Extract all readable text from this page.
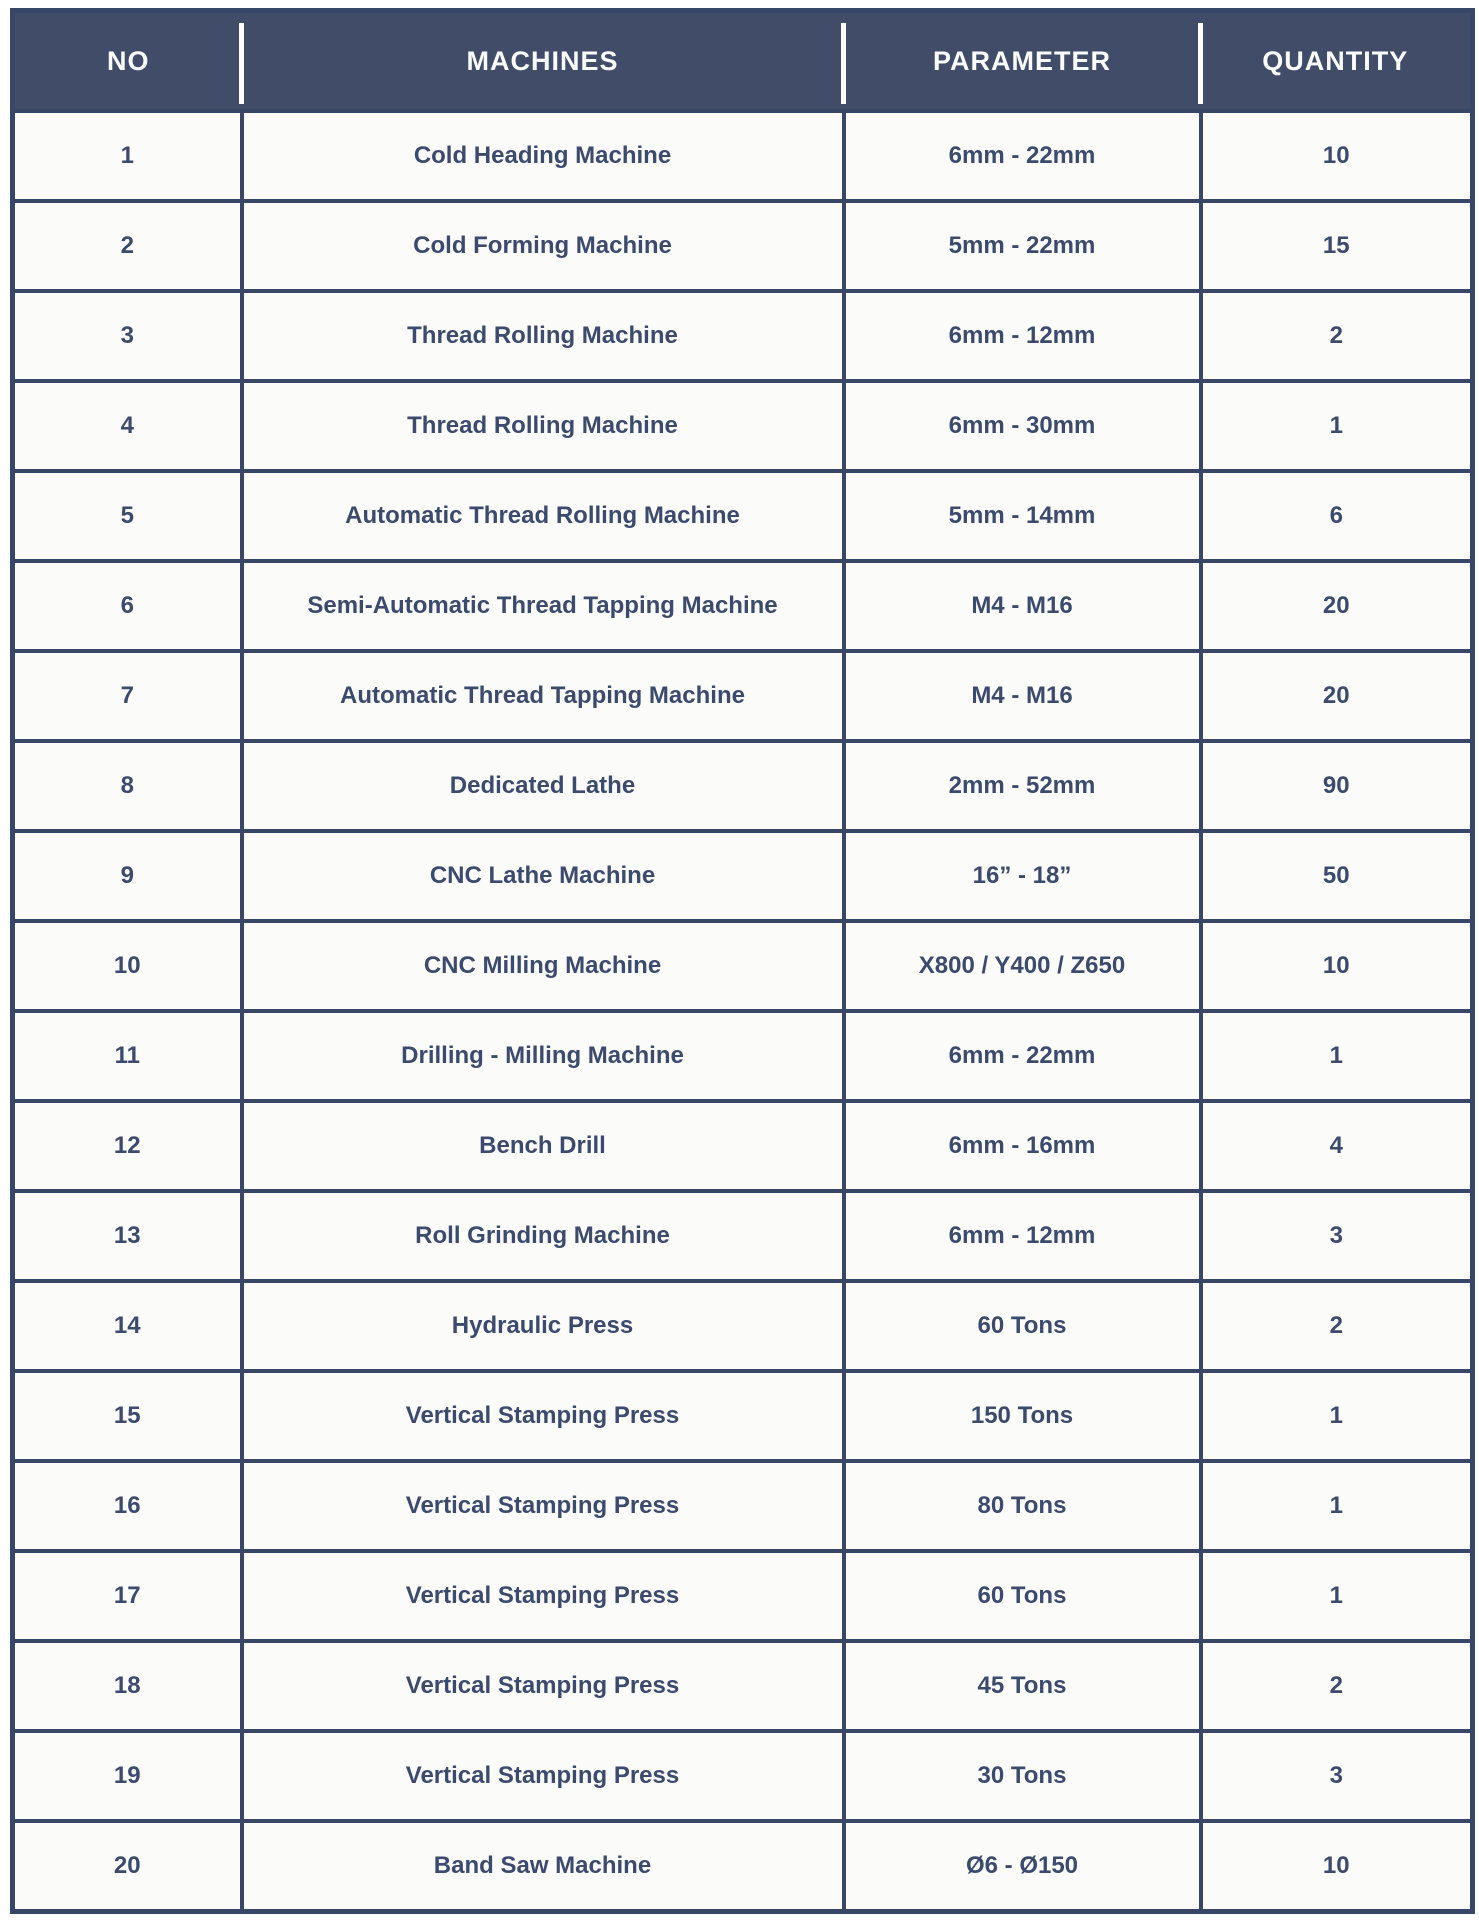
NO	MACHINES	PARAMETER	QUANTITY
1	Cold Heading Machine	6mm - 22mm	10
2	Cold Forming Machine	5mm - 22mm	15
3	Thread Rolling Machine	6mm - 12mm	2
4	Thread Rolling Machine	6mm - 30mm	1
5	Automatic Thread Rolling Machine	5mm - 14mm	6
6	Semi-Automatic Thread Tapping Machine	M4 - M16	20
7	Automatic Thread Tapping Machine	M4 - M16	20
8	Dedicated Lathe	2mm - 52mm	90
9	CNC Lathe Machine	16” - 18”	50
10	CNC Milling Machine	X800 / Y400 / Z650	10
11	Drilling - Milling Machine	6mm - 22mm	1
12	Bench Drill	6mm - 16mm	4
13	Roll Grinding Machine	6mm - 12mm	3
14	Hydraulic Press	60 Tons	2
15	Vertical Stamping Press	150 Tons	1
16	Vertical Stamping Press	80 Tons	1
17	Vertical Stamping Press	60 Tons	1
18	Vertical Stamping Press	45 Tons	2
19	Vertical Stamping Press	30 Tons	3
20	Band Saw Machine	Ø6 - Ø150	10
